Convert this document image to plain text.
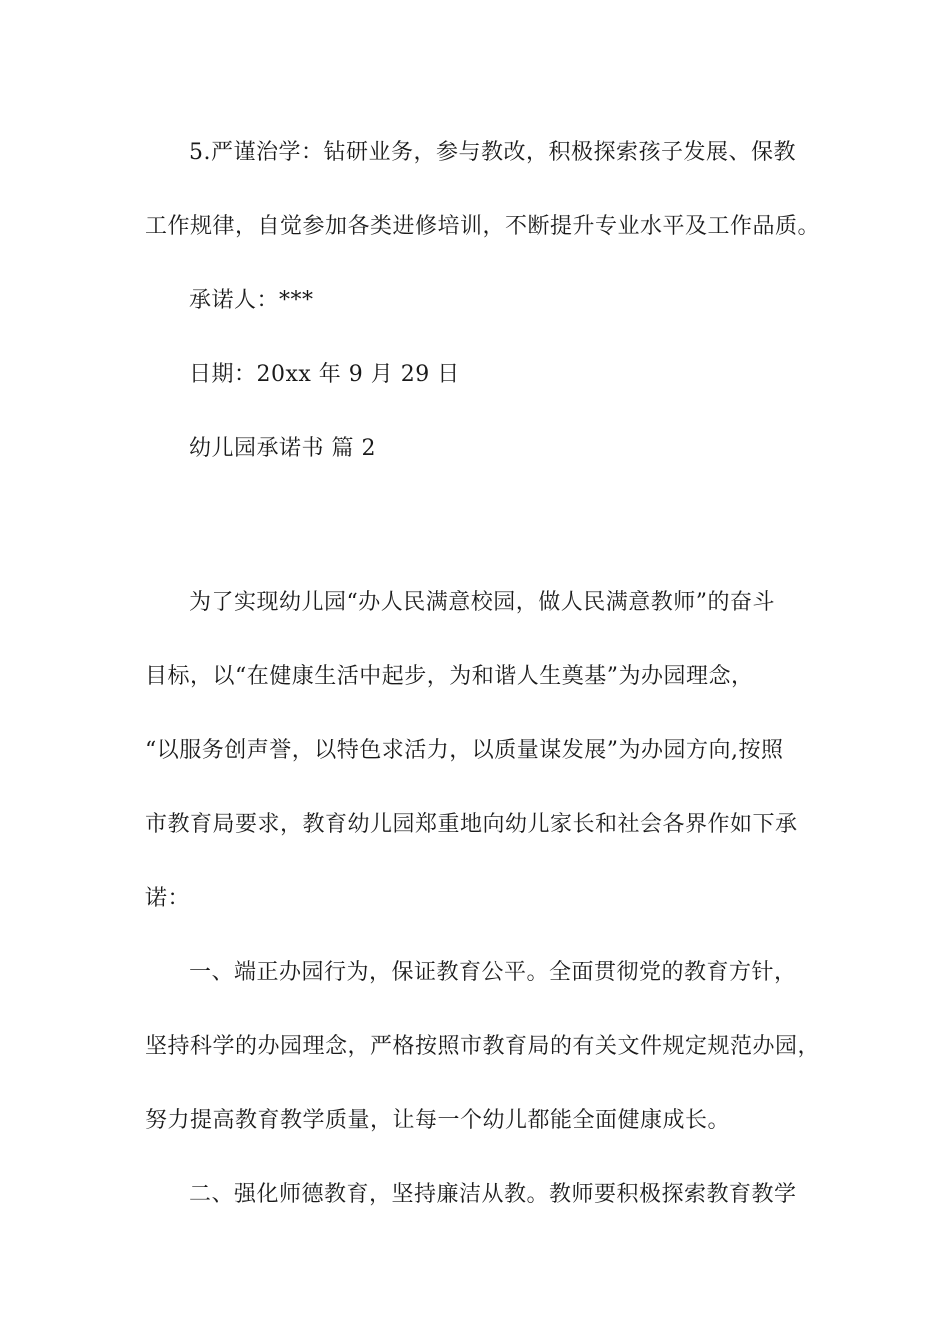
5.严谨治学：钻研业务，参与教改，积极探索孩子发展、保教
工作规律，自觉参加各类进修培训，不断提升专业水平及工作品质。
承诺人：***
日期：20xx 年 9 月 29 日
幼儿园承诺书 篇 2
为了实现幼儿园“办人民满意校园，做人民满意教师”的奋斗
目标，以“在健康生活中起步，为和谐人生奠基”为办园理念，
“以服务创声誉，以特色求活力，以质量谋发展”为办园方向,按照
市教育局要求，教育幼儿园郑重地向幼儿家长和社会各界作如下承
诺：
一、端正办园行为，保证教育公平。全面贯彻党的教育方针，
坚持科学的办园理念，严格按照市教育局的有关文件规定规范办园，
努力提高教育教学质量，让每一个幼儿都能全面健康成长。
二、强化师德教育，坚持廉洁从教。教师要积极探索教育教学
